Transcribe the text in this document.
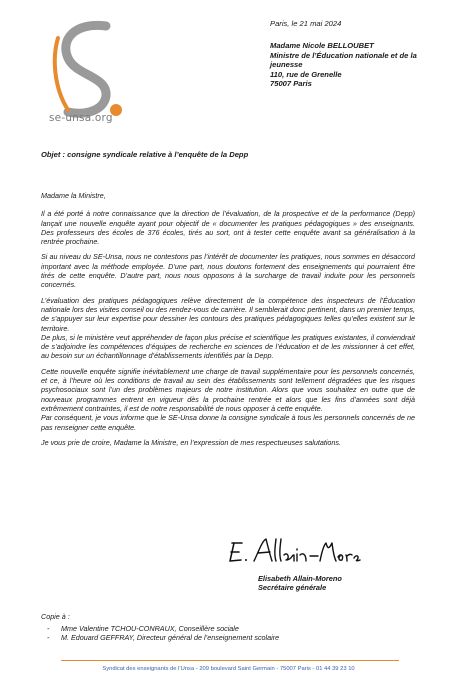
se-unsa.org
Paris, le 21 mai 2024
Madame Nicole BELLOUBET
Ministre de l’Éducation nationale et de la jeunesse
110, rue de Grenelle
75007 Paris
Objet : consigne syndicale relative à l’enquête de la Depp

Madame la Ministre,

Il a été porté à notre connaissance que la direction de l’évaluation, de la prospective et de la performance (Depp) lançait une nouvelle enquête ayant pour objectif de « documenter les pratiques pédagogiques » des enseignants. Des professeurs des écoles de 376 écoles, tirés au sort, ont à tester cette enquête avant sa généralisation à la rentrée prochaine.

Si au niveau du SE-Unsa, nous ne contestons pas l’intérêt de documenter les pratiques, nous sommes en désaccord important avec la méthode employée. D’une part, nous doutons fortement des enseignements qui pourraient être tirés de cette enquête. D’autre part, nous nous opposons à la surcharge de travail induite pour les personnels concernés.

L’évaluation des pratiques pédagogiques relève directement de la compétence des inspecteurs de l’Éducation nationale lors des visites conseil ou des rendez-vous de carrière. Il semblerait donc pertinent, dans un premier temps, de s’appuyer sur leur expertise pour dessiner les contours des pratiques pédagogiques telles qu’elles existent sur le territoire.

De plus, si le ministère veut appréhender de façon plus précise et scientifique les pratiques existantes, il conviendrait de s’adjoindre les compétences d’équipes de recherche en sciences de l’éducation et de les missionner à cet effet, au besoin sur un échantillonnage d’établissements identifiés par la Depp.

Cette nouvelle enquête signifie inévitablement une charge de travail supplémentaire pour les personnels concernés, et ce, à l’heure où les conditions de travail au sein des établissements sont tellement dégradées que les risques psychosociaux sont l’un des problèmes majeurs de notre institution. Alors que vous souhaitez en outre que de nouveaux programmes entrent en vigueur dès la prochaine rentrée et alors que les fins d’années sont déjà extrêmement contraintes, il est de notre responsabilité de nous opposer à cette enquête.

Par conséquent, je vous informe que le SE-Unsa donne la consigne syndicale à tous les personnels concernés de ne pas renseigner cette enquête.

Je vous prie de croire, Madame la Ministre, en l’expression de mes respectueuses salutations.

Elisabeth Allain-Moreno
Secrétaire générale
Copie à :
- Mme Valentine TCHOU-CONRAUX, Conseillère sociale
- M. Edouard GEFFRAY, Directeur général de l’enseignement scolaire
Syndicat des enseignants de l’Unsa - 209 boulevard Saint Germain - 75007 Paris - 01 44 39 23 10
